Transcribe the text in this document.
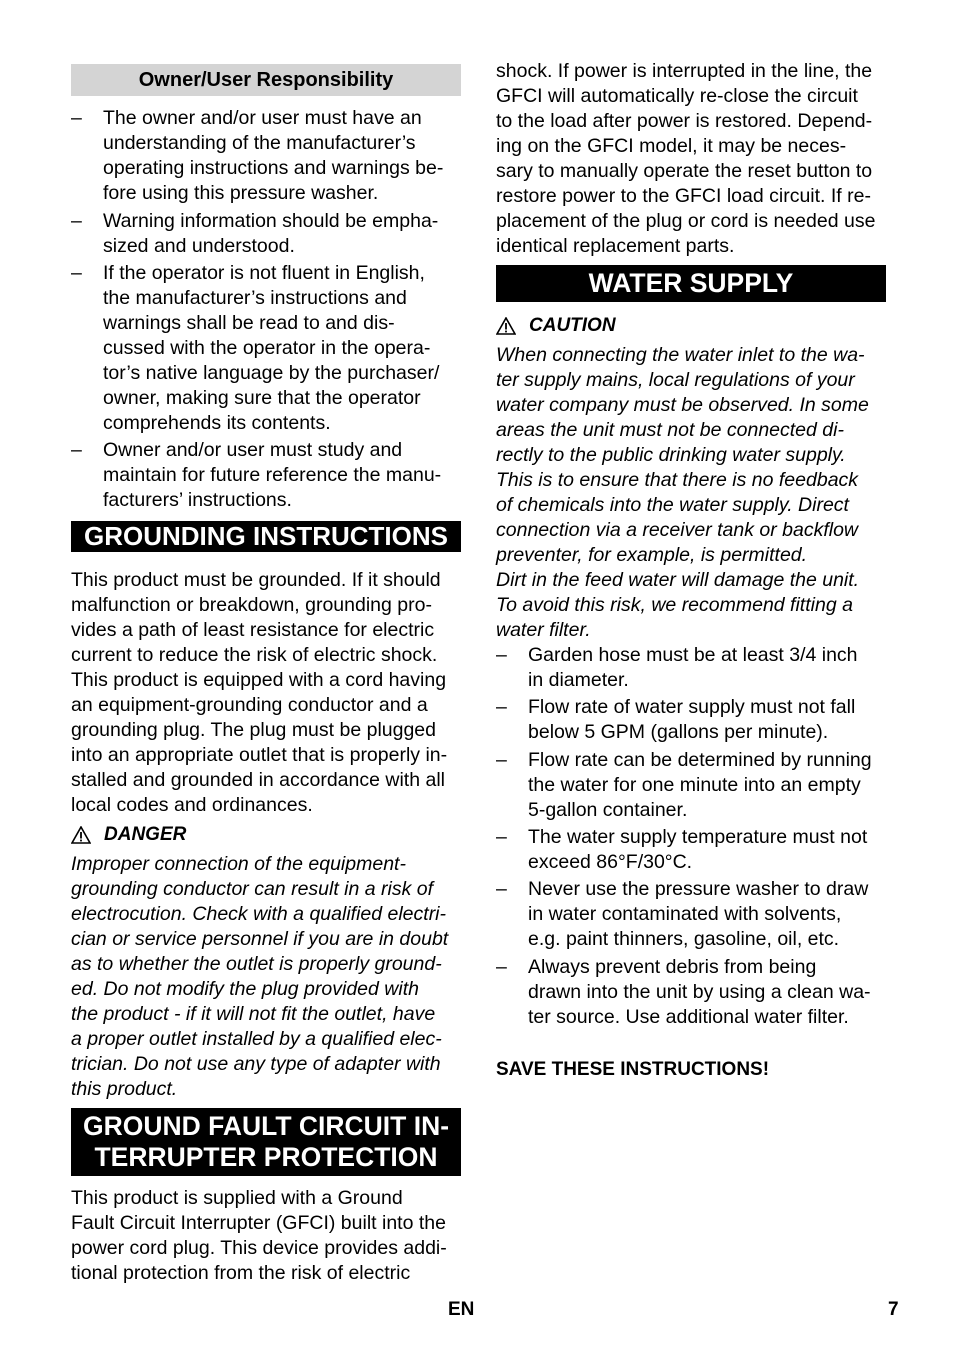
Owner/User Responsibility
– The owner and/or user must have an
understanding of the manufacturer’s
operating instructions and warnings be-
fore using this pressure washer.
– Warning information should be empha-
sized and understood.
– If the operator is not fluent in English,
the manufacturer’s instructions and
warnings shall be read to and dis-
cussed with the operator in the opera-
tor’s native language by the purchaser/
owner, making sure that the operator
comprehends its contents.
– Owner and/or user must study and
maintain for future reference the manu-
facturers’ instructions.
GROUNDING INSTRUCTIONS
This product must be grounded. If it should
malfunction or breakdown, grounding pro-
vides a path of least resistance for electric
current to reduce the risk of electric shock.
This product is equipped with a cord having
an equipment-grounding conductor and a
grounding plug. The plug must be plugged
into an appropriate outlet that is properly in-
stalled and grounded in accordance with all
local codes and ordinances.
DANGER
Improper connection of the equipment-
grounding conductor can result in a risk of
electrocution. Check with a qualified electri-
cian or service personnel if you are in doubt
as to whether the outlet is properly ground-
ed. Do not modify the plug provided with
the product - if it will not fit the outlet, have
a proper outlet installed by a qualified elec-
trician. Do not use any type of adapter with
this product.
GROUND FAULT CIRCUIT IN-
TERRUPTER PROTECTION
This product is supplied with a Ground
Fault Circuit Interrupter (GFCI) built into the
power cord plug. This device provides addi-
tional protection from the risk of electric
shock. If power is interrupted in the line, the
GFCI will automatically re-close the circuit
to the load after power is restored. Depend-
ing on the GFCI model, it may be neces-
sary to manually operate the reset button to
restore power to the GFCI load circuit. If re-
placement of the plug or cord is needed use
identical replacement parts.
WATER SUPPLY
CAUTION
When connecting the water inlet to the wa-
ter supply mains, local regulations of your
water company must be observed. In some
areas the unit must not be connected di-
rectly to the public drinking water supply.
This is to ensure that there is no feedback
of chemicals into the water supply. Direct
connection via a receiver tank or backflow
preventer, for example, is permitted.
Dirt in the feed water will damage the unit.
To avoid this risk, we recommend fitting a
water filter.
– Garden hose must be at least 3/4 inch
in diameter.
– Flow rate of water supply must not fall
below 5 GPM (gallons per minute).
– Flow rate can be determined by running
the water for one minute into an empty
5-gallon container.
– The water supply temperature must not
exceed 86°F/30°C.
– Never use the pressure washer to draw
in water contaminated with solvents,
e.g. paint thinners, gasoline, oil, etc.
– Always prevent debris from being
drawn into the unit by using a clean wa-
ter source. Use additional water filter.
SAVE THESE INSTRUCTIONS!
EN	7
